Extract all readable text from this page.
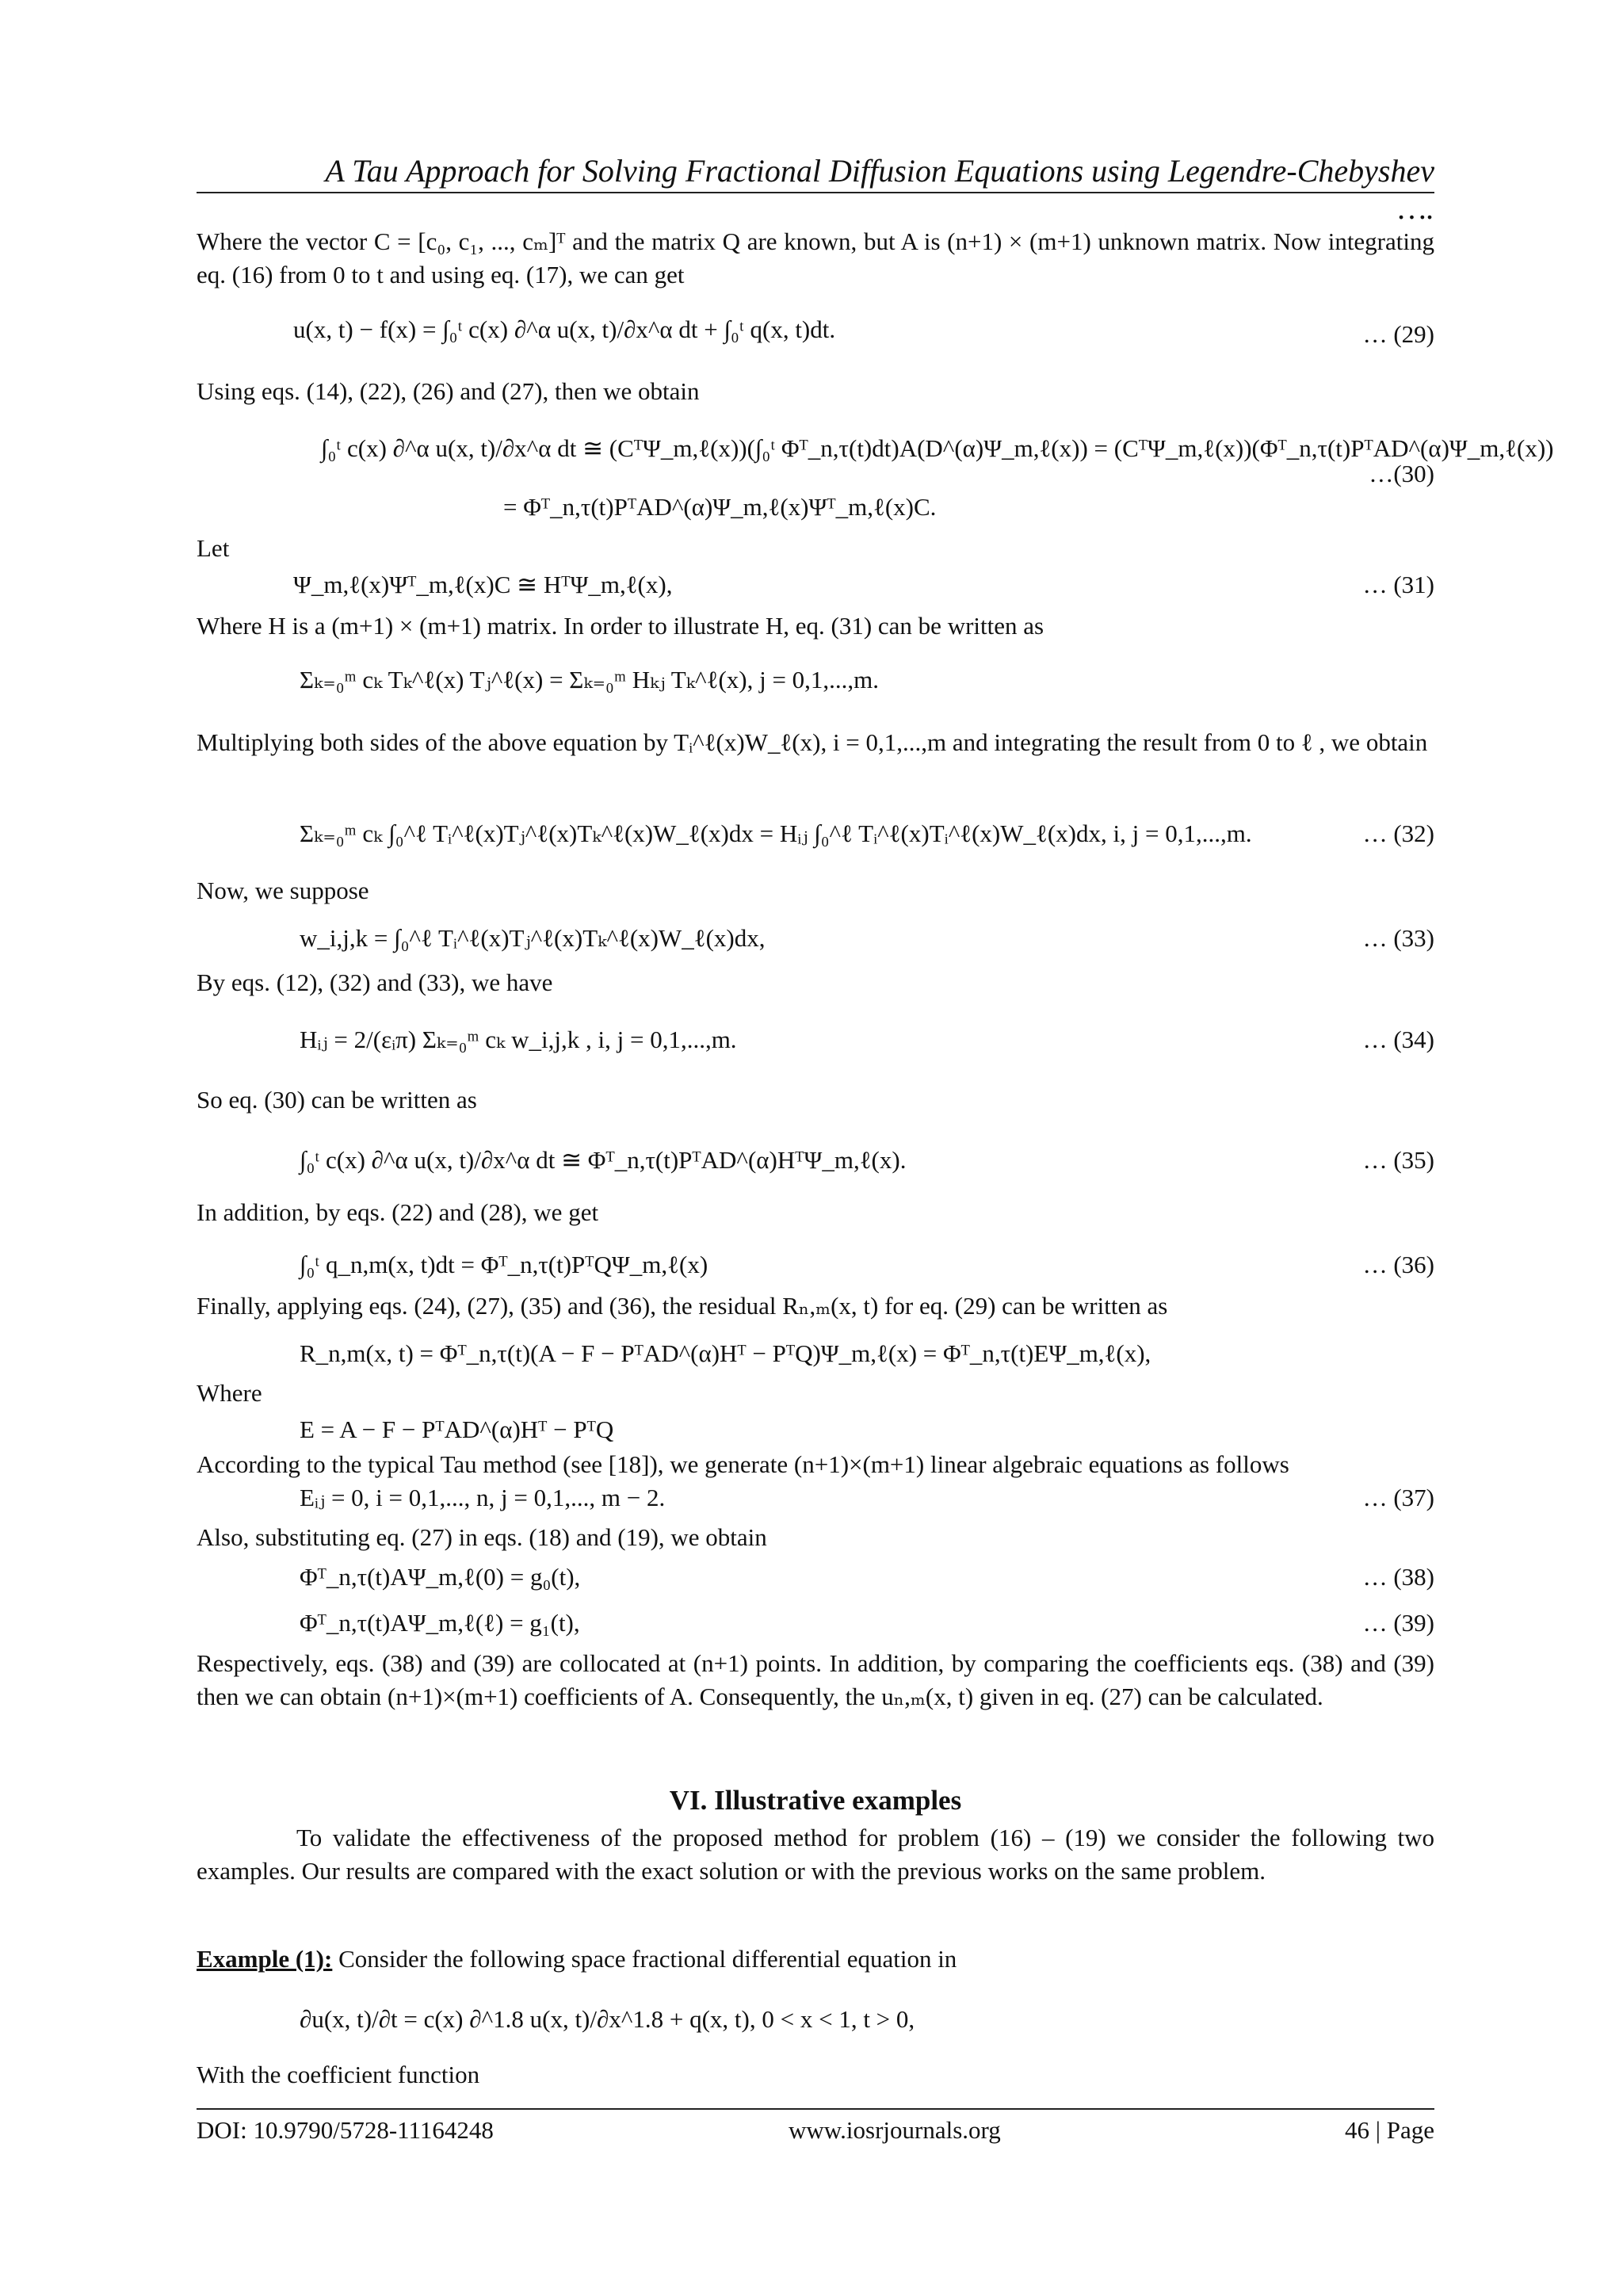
A Tau Approach for Solving Fractional Diffusion Equations using Legendre-Chebyshev ….
Where the vector C = [c₀, c₁, ..., cₘ]ᵀ and the matrix Q are known, but A is (n+1) × (m+1) unknown matrix. Now integrating eq. (16) from 0 to t and using eq. (17), we can get
u(x, t) − f(x) = ∫₀ᵗ c(x) ∂^α u(x, t)/∂x^α dt + ∫₀ᵗ q(x, t)dt.	… (29)
Using eqs. (14), (22), (26) and (27), then we obtain
∫₀ᵗ c(x) ∂^α u(x, t)/∂x^α dt ≅ (CᵀΨ_m,ℓ(x))(∫₀ᵗ Φᵀ_n,τ(t)dt)A(D^(α)Ψ_m,ℓ(x)) = (CᵀΨ_m,ℓ(x))(Φᵀ_n,τ(t)PᵀAD^(α)Ψ_m,ℓ(x))
…(30)
= Φᵀ_n,τ(t)PᵀAD^(α)Ψ_m,ℓ(x)Ψᵀ_m,ℓ(x)C.
Let
Ψ_m,ℓ(x)Ψᵀ_m,ℓ(x)C ≅ HᵀΨ_m,ℓ(x),	… (31)
Where H is a (m+1) × (m+1) matrix. In order to illustrate H, eq. (31) can be written as
Σₖ₌₀ᵐ cₖ Tₖ^ℓ(x) Tⱼ^ℓ(x) = Σₖ₌₀ᵐ Hₖⱼ Tₖ^ℓ(x), j = 0,1,...,m.
Multiplying both sides of the above equation by Tᵢ^ℓ(x)W_ℓ(x), i = 0,1,...,m and integrating the result from 0 to ℓ , we obtain
Σₖ₌₀ᵐ cₖ ∫₀^ℓ Tᵢ^ℓ(x)Tⱼ^ℓ(x)Tₖ^ℓ(x)W_ℓ(x)dx = Hᵢⱼ ∫₀^ℓ Tᵢ^ℓ(x)Tᵢ^ℓ(x)W_ℓ(x)dx, i, j = 0,1,...,m.	… (32)
Now, we suppose
w_i,j,k = ∫₀^ℓ Tᵢ^ℓ(x)Tⱼ^ℓ(x)Tₖ^ℓ(x)W_ℓ(x)dx,	… (33)
By eqs. (12), (32) and (33), we have
Hᵢⱼ = 2/(εᵢπ) Σₖ₌₀ᵐ cₖ w_i,j,k , i, j = 0,1,...,m.	… (34)
So eq. (30) can be written as
∫₀ᵗ c(x) ∂^α u(x, t)/∂x^α dt ≅ Φᵀ_n,τ(t)PᵀAD^(α)HᵀΨ_m,ℓ(x).	… (35)
In addition, by eqs. (22) and (28), we get
∫₀ᵗ q_n,m(x, t)dt = Φᵀ_n,τ(t)PᵀQΨ_m,ℓ(x)	… (36)
Finally, applying eqs. (24), (27), (35) and (36), the residual Rₙ,ₘ(x, t) for eq. (29) can be written as
R_n,m(x, t) = Φᵀ_n,τ(t)(A − F − PᵀAD^(α)Hᵀ − PᵀQ)Ψ_m,ℓ(x) = Φᵀ_n,τ(t)EΨ_m,ℓ(x),
Where
E = A − F − PᵀAD^(α)Hᵀ − PᵀQ
According to the typical Tau method (see [18]), we generate (n+1)×(m+1) linear algebraic equations as follows
Eᵢⱼ = 0, i = 0,1,..., n, j = 0,1,..., m − 2.	… (37)
Also, substituting eq. (27) in eqs. (18) and (19), we obtain
Φᵀ_n,τ(t)AΨ_m,ℓ(0) = g₀(t),	… (38)
Φᵀ_n,τ(t)AΨ_m,ℓ(ℓ) = g₁(t),	… (39)
Respectively, eqs. (38) and (39) are collocated at (n+1) points. In addition, by comparing the coefficients eqs. (38) and (39) then we can obtain (n+1)×(m+1) coefficients of A. Consequently, the uₙ,ₘ(x, t) given in eq. (27) can be calculated.
VI. Illustrative examples
To validate the effectiveness of the proposed method for problem (16) – (19) we consider the following two examples. Our results are compared with the exact solution or with the previous works on the same problem.
Example (1): Consider the following space fractional differential equation in
∂u(x, t)/∂t = c(x) ∂^1.8 u(x, t)/∂x^1.8 + q(x, t), 0 < x < 1, t > 0,
With the coefficient function
DOI: 10.9790/5728-11164248	www.iosrjournals.org	46 | Page
